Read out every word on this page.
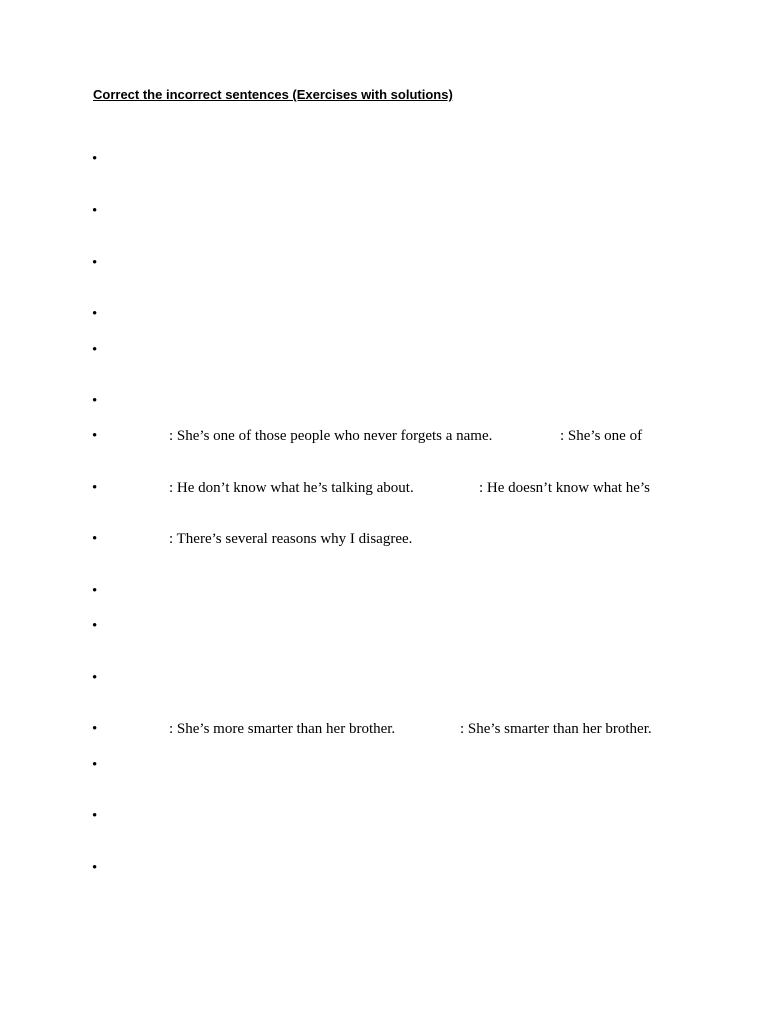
Correct the incorrect sentences (Exercises with solutions)
•
•
•
•
•
•
•	: She’s one of those people who never forgets a name.	: She’s one of
•	: He don’t know what he’s talking about.	: He doesn’t know what he’s
•	: There’s several reasons why I disagree.
•
•
•
•	: She’s more smarter than her brother.	: She’s smarter than her brother.
•
•
•
